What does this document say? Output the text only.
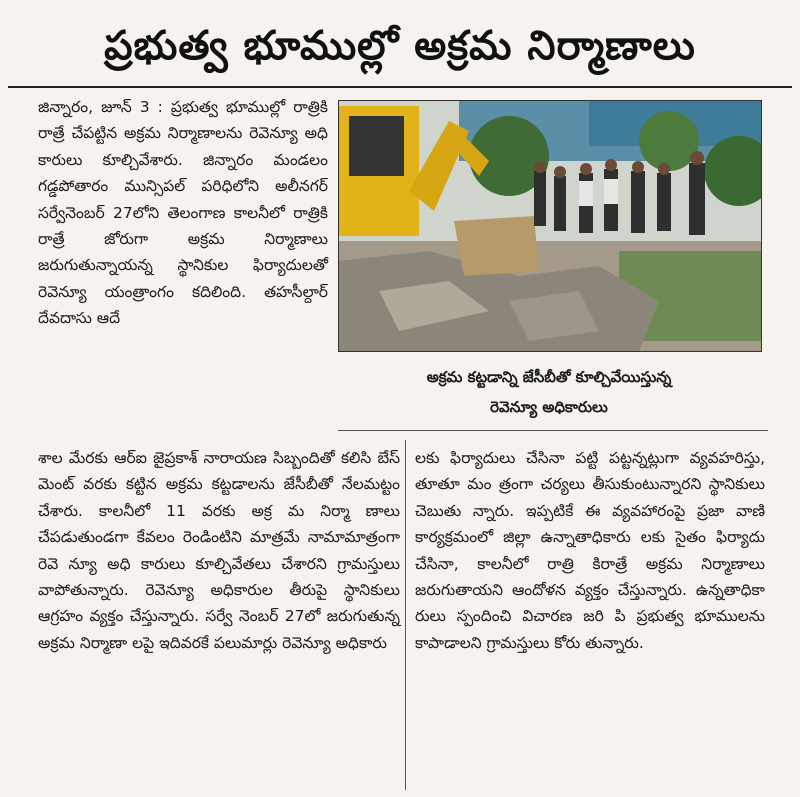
ప్రభుత్వ భూముల్లో అక్రమ నిర్మాణాలు

జిన్నారం, జూన్ 3 : ప్రభుత్వ భూముల్లో రాత్రికి రాత్రే చేపట్టిన అక్రమ నిర్మాణాలను రెవెన్యూ అధి కారులు కూల్చివేశారు. జిన్నారం మండలం గడ్డపోతారం మున్సిపల్ పరిధిలోని అలీనగర్ సర్వేనెంబర్ 27లోని తెలంగాణ కాలనీలో రాత్రికి రాత్రే జోరుగా అక్రమ నిర్మాణాలు జరుగుతున్నాయన్న స్థానికుల ఫిర్యాదులతో రెవెన్యూ యంత్రాంగం కదిలింది. తహసీల్దార్ దేవదాసు ఆదే

అక్రమ కట్టడాన్ని జేసీబీతో కూల్చివేయిస్తున్న
రెవెన్యూ అధికారులు

శాల మేరకు ఆర్ఐ జైప్రకాశ్ నారాయణ సిబ్బందితో కలిసి బేస్ మెంట్ వరకు కట్టిన అక్రమ కట్టడాలను జేసీబీతో నేలమట్టం చేశారు. కాలనీలో 11 వరకు అక్ర మ నిర్మా ణాలు చేపడుతుండగా కేవలం రెండింటిని మాత్రమే నామామాత్రంగా రెవె న్యూ అధి కారులు కూల్చివేతలు చేశారని గ్రామస్తులు వాపోతున్నారు. రెవెన్యూ అధికారుల తీరుపై స్థానికులు ఆగ్రహం వ్యక్తం చేస్తున్నారు. సర్వే నెంబర్ 27లో జరుగుతున్న అక్రమ నిర్మాణా లపై ఇదివరకే పలుమార్లు రెవెన్యూ అధికారు

లకు ఫిర్యాదులు చేసినా పట్టి పట్టన్నట్లుగా వ్యవహరిస్తు, తూతూ మం త్రంగా చర్యలు తీసుకుంటున్నారని స్థానికులు చెబుతు న్నారు. ఇప్పటికే ఈ వ్యవహారంపై ప్రజా వాణి కార్యక్రమంలో జిల్లా ఉన్నాతాధికారు లకు సైతం ఫిర్యాదు చేసినా, కాలనీలో రాత్రి కిరాత్రే అక్రమ నిర్మాణాలు జరుగుతాయని ఆందోళన వ్యక్తం చేస్తున్నారు. ఉన్నతాధికా రులు స్పందించి విచారణ జరి పి ప్రభుత్వ భూములను కాపాడాలని గ్రామస్తులు కోరు తున్నారు.
